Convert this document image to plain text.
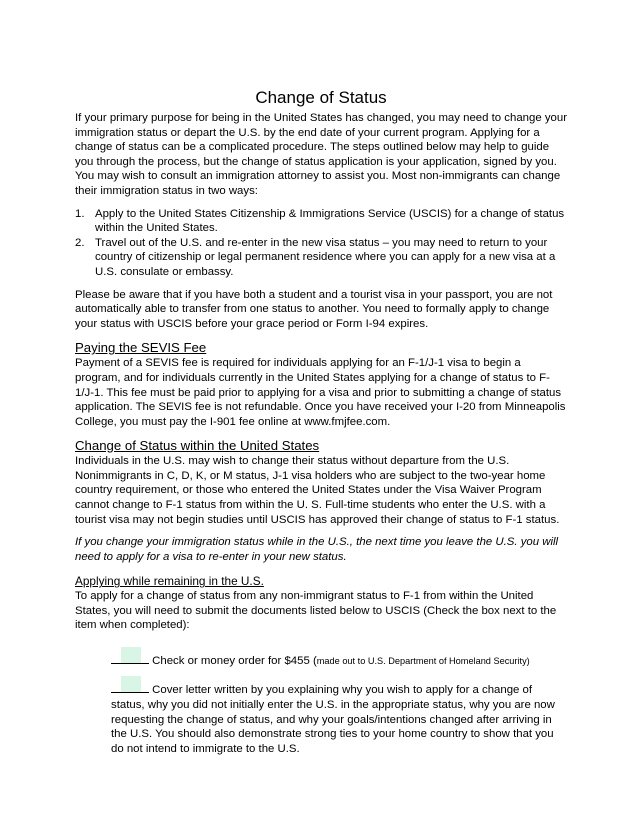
Change of Status

If your primary purpose for being in the United States has changed, you may need to change your immigration status or depart the U.S. by the end date of your current program. Applying for a change of status can be a complicated procedure. The steps outlined below may help to guide you through the process, but the change of status application is your application, signed by you. You may wish to consult an immigration attorney to assist you. Most non-immigrants can change their immigration status in two ways:

1. Apply to the United States Citizenship & Immigrations Service (USCIS) for a change of status within the United States.
2. Travel out of the U.S. and re-enter in the new visa status – you may need to return to your country of citizenship or legal permanent residence where you can apply for a new visa at a U.S. consulate or embassy.

Please be aware that if you have both a student and a tourist visa in your passport, you are not automatically able to transfer from one status to another. You need to formally apply to change your status with USCIS before your grace period or Form I-94 expires.

Paying the SEVIS Fee

Payment of a SEVIS fee is required for individuals applying for an F-1/J-1 visa to begin a program, and for individuals currently in the United States applying for a change of status to F-1/J-1. This fee must be paid prior to applying for a visa and prior to submitting a change of status application. The SEVIS fee is not refundable. Once you have received your I-20 from Minneapolis College, you must pay the I-901 fee online at www.fmjfee.com.

Change of Status within the United States

Individuals in the U.S. may wish to change their status without departure from the U.S. Nonimmigrants in C, D, K, or M status, J-1 visa holders who are subject to the two-year home country requirement, or those who entered the United States under the Visa Waiver Program cannot change to F-1 status from within the U. S. Full-time students who enter the U.S. with a tourist visa may not begin studies until USCIS has approved their change of status to F-1 status.

If you change your immigration status while in the U.S., the next time you leave the U.S. you will need to apply for a visa to re-enter in your new status.

Applying while remaining in the U.S.

To apply for a change of status from any non-immigrant status to F-1 from within the United States, you will need to submit the documents listed below to USCIS (Check the box next to the item when completed):

Check or money order for $455 (made out to U.S. Department of Homeland Security)
Cover letter written by you explaining why you wish to apply for a change of status, why you did not initially enter the U.S. in the appropriate status, why you are now requesting the change of status, and why your goals/intentions changed after arriving in the U.S. You should also demonstrate strong ties to your home country to show that you do not intend to immigrate to the U.S.
